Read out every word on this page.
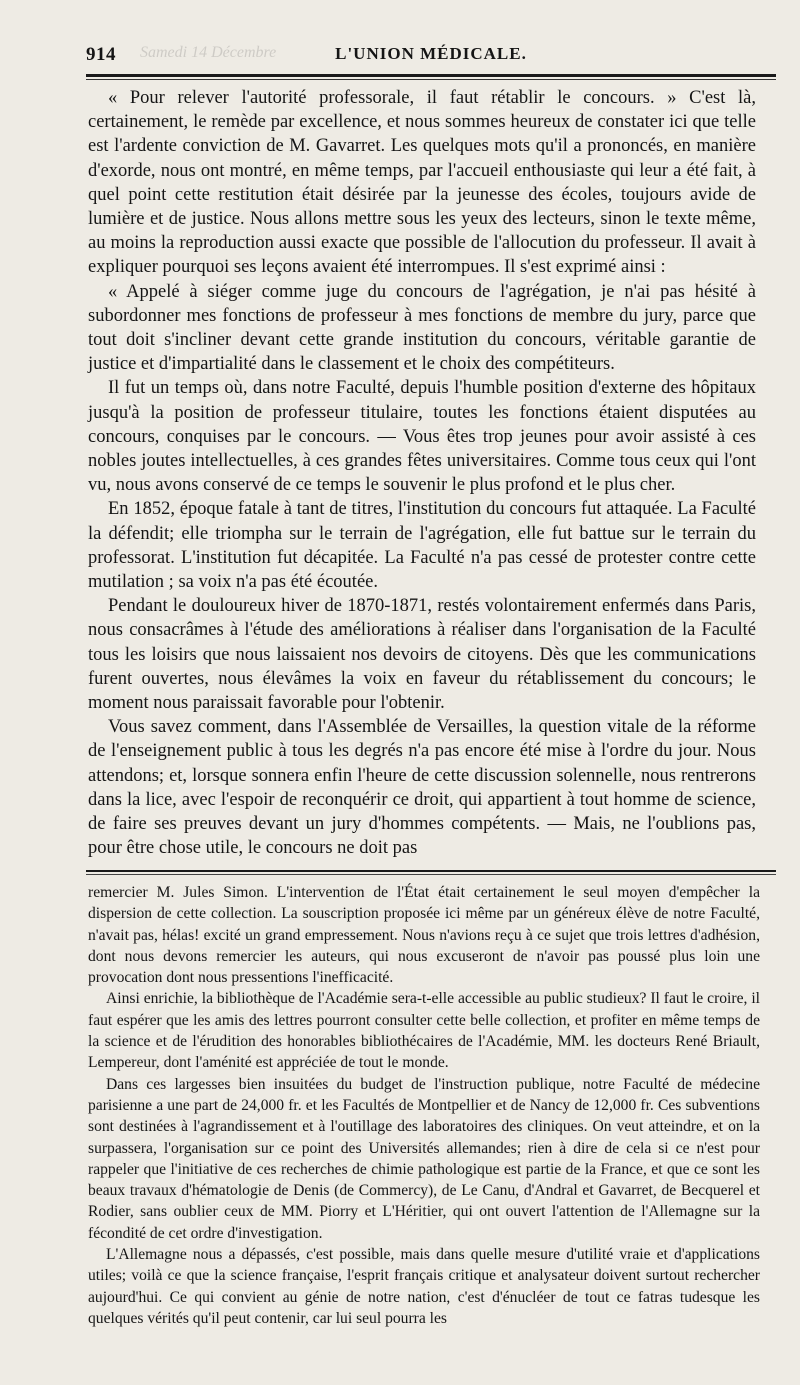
Samedi 14 Décembre
914	L'UNION MÉDICALE.

« Pour relever l'autorité professorale, il faut rétablir le concours. » C'est là, certainement, le remède par excellence, et nous sommes heureux de constater ici que telle est l'ardente conviction de M. Gavarret. Les quelques mots qu'il a prononcés, en manière d'exorde, nous ont montré, en même temps, par l'accueil enthousiaste qui leur a été fait, à quel point cette restitution était désirée par la jeunesse des écoles, toujours avide de lumière et de justice. Nous allons mettre sous les yeux des lecteurs, sinon le texte même, au moins la reproduction aussi exacte que possible de l'allocution du professeur. Il avait à expliquer pourquoi ses leçons avaient été interrompues. Il s'est exprimé ainsi :

« Appelé à siéger comme juge du concours de l'agrégation, je n'ai pas hésité à subordonner mes fonctions de professeur à mes fonctions de membre du jury, parce que tout doit s'incliner devant cette grande institution du concours, véritable garantie de justice et d'impartialité dans le classement et le choix des compétiteurs.

Il fut un temps où, dans notre Faculté, depuis l'humble position d'externe des hôpitaux jusqu'à la position de professeur titulaire, toutes les fonctions étaient disputées au concours, conquises par le concours. — Vous êtes trop jeunes pour avoir assisté à ces nobles joutes intellectuelles, à ces grandes fêtes universitaires. Comme tous ceux qui l'ont vu, nous avons conservé de ce temps le souvenir le plus profond et le plus cher.

En 1852, époque fatale à tant de titres, l'institution du concours fut attaquée. La Faculté la défendit; elle triompha sur le terrain de l'agrégation, elle fut battue sur le terrain du professorat. L'institution fut décapitée. La Faculté n'a pas cessé de protester contre cette mutilation ; sa voix n'a pas été écoutée.

Pendant le douloureux hiver de 1870-1871, restés volontairement enfermés dans Paris, nous consacrâmes à l'étude des améliorations à réaliser dans l'organisation de la Faculté tous les loisirs que nous laissaient nos devoirs de citoyens. Dès que les communications furent ouvertes, nous élevâmes la voix en faveur du rétablissement du concours; le moment nous paraissait favorable pour l'obtenir.

Vous savez comment, dans l'Assemblée de Versailles, la question vitale de la réforme de l'enseignement public à tous les degrés n'a pas encore été mise à l'ordre du jour. Nous attendons; et, lorsque sonnera enfin l'heure de cette discussion solennelle, nous rentrerons dans la lice, avec l'espoir de reconquérir ce droit, qui appartient à tout homme de science, de faire ses preuves devant un jury d'hommes compétents. — Mais, ne l'oublions pas, pour être chose utile, le concours ne doit pas

remercier M. Jules Simon. L'intervention de l'État était certainement le seul moyen d'empêcher la dispersion de cette collection. La souscription proposée ici même par un généreux élève de notre Faculté, n'avait pas, hélas! excité un grand empressement. Nous n'avions reçu à ce sujet que trois lettres d'adhésion, dont nous devons remercier les auteurs, qui nous excuseront de n'avoir pas poussé plus loin une provocation dont nous pressentions l'inefficacité.

Ainsi enrichie, la bibliothèque de l'Académie sera-t-elle accessible au public studieux? Il faut le croire, il faut espérer que les amis des lettres pourront consulter cette belle collection, et profiter en même temps de la science et de l'érudition des honorables bibliothécaires de l'Académie, MM. les docteurs René Briault, Lempereur, dont l'aménité est appréciée de tout le monde.

Dans ces largesses bien insuitées du budget de l'instruction publique, notre Faculté de médecine parisienne a une part de 24,000 fr. et les Facultés de Montpellier et de Nancy de 12,000 fr. Ces subventions sont destinées à l'agrandissement et à l'outillage des laboratoires des cliniques. On veut atteindre, et on la surpassera, l'organisation sur ce point des Universités allemandes; rien à dire de cela si ce n'est pour rappeler que l'initiative de ces recherches de chimie pathologique est partie de la France, et que ce sont les beaux travaux d'hématologie de Denis (de Commercy), de Le Canu, d'Andral et Gavarret, de Becquerel et Rodier, sans oublier ceux de MM. Piorry et L'Héritier, qui ont ouvert l'attention de l'Allemagne sur la fécondité de cet ordre d'investigation.

L'Allemagne nous a dépassés, c'est possible, mais dans quelle mesure d'utilité vraie et d'applications utiles; voilà ce que la science française, l'esprit français critique et analysateur doivent surtout rechercher aujourd'hui. Ce qui convient au génie de notre nation, c'est d'énucléer de tout ce fatras tudesque les quelques vérités qu'il peut contenir, car lui seul pourra les
